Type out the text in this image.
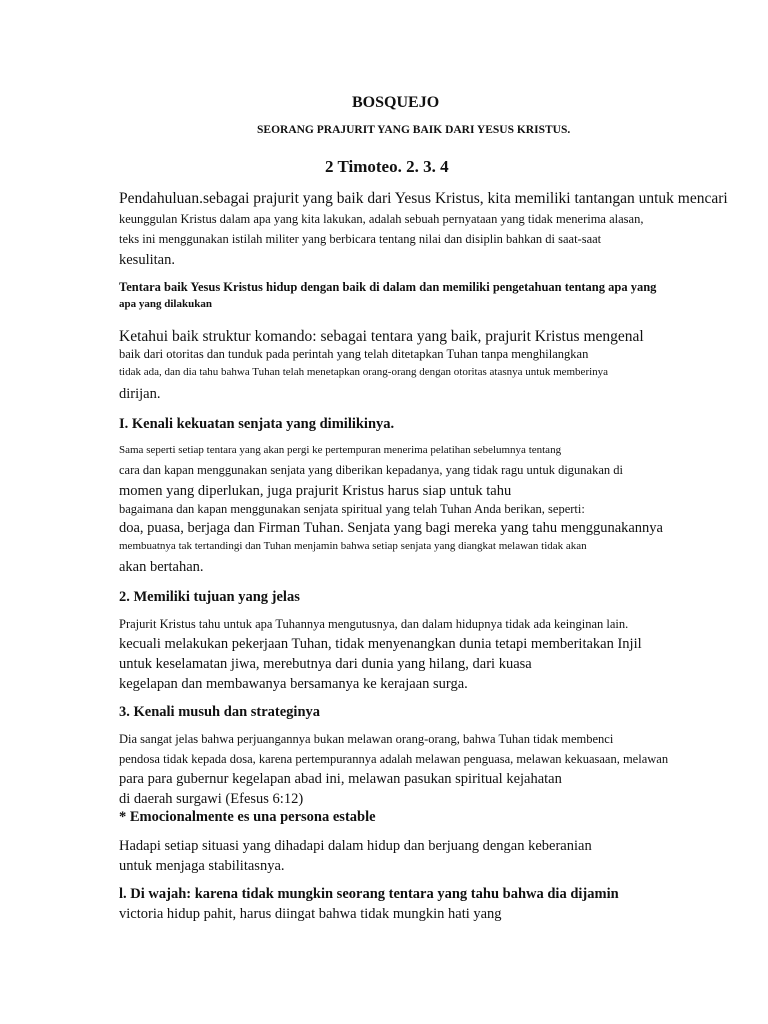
BOSQUEJO
SEORANG PRAJURIT YANG BAIK DARI YESUS KRISTUS.
2 Timoteo. 2. 3. 4
Pendahuluan.sebagai prajurit yang baik dari Yesus Kristus, kita memiliki tantangan untuk mencari
keunggulan Kristus dalam apa yang kita lakukan, adalah sebuah pernyataan yang tidak menerima alasan,
teks ini menggunakan istilah militer yang berbicara tentang nilai dan disiplin bahkan di saat-saat
kesulitan.
Tentara baik Yesus Kristus hidup dengan baik di dalam dan memiliki pengetahuan tentang apa yang
apa yang dilakukan
Ketahui baik struktur komando: sebagai tentara yang baik, prajurit Kristus mengenal
baik dari otoritas dan tunduk pada perintah yang telah ditetapkan Tuhan tanpa menghilangkan
tidak ada, dan dia tahu bahwa Tuhan telah menetapkan orang-orang dengan otoritas atasnya untuk memberinya
dirijan.
I. Kenali kekuatan senjata yang dimilikinya.
Sama seperti setiap tentara yang akan pergi ke pertempuran menerima pelatihan sebelumnya tentang
cara dan kapan menggunakan senjata yang diberikan kepadanya, yang tidak ragu untuk digunakan di
momen yang diperlukan, juga prajurit Kristus harus siap untuk tahu
bagaimana dan kapan menggunakan senjata spiritual yang telah Tuhan Anda berikan, seperti:
doa, puasa, berjaga dan Firman Tuhan. Senjata yang bagi mereka yang tahu menggunakannya
membuatnya tak tertandingi dan Tuhan menjamin bahwa setiap senjata yang diangkat melawan tidak akan
akan bertahan.
2. Memiliki tujuan yang jelas
Prajurit Kristus tahu untuk apa Tuhannya mengutusnya, dan dalam hidupnya tidak ada keinginan lain.
kecuali melakukan pekerjaan Tuhan, tidak menyenangkan dunia tetapi memberitakan Injil
untuk keselamatan jiwa, merebutnya dari dunia yang hilang, dari kuasa
kegelapan dan membawanya bersamanya ke kerajaan surga.
3. Kenali musuh dan strateginya
Dia sangat jelas bahwa perjuangannya bukan melawan orang-orang, bahwa Tuhan tidak membenci
pendosa tidak kepada dosa, karena pertempurannya adalah melawan penguasa, melawan kekuasaan, melawan
para para gubernur kegelapan abad ini, melawan pasukan spiritual kejahatan
di daerah surgawi (Efesus 6:12)
* Emocionalmente es una persona estable
Hadapi setiap situasi yang dihadapi dalam hidup dan berjuang dengan keberanian
untuk menjaga stabilitasnya.
l. Di wajah: karena tidak mungkin seorang tentara yang tahu bahwa dia dijamin
victoria hidup pahit, harus diingat bahwa tidak mungkin hati yang
